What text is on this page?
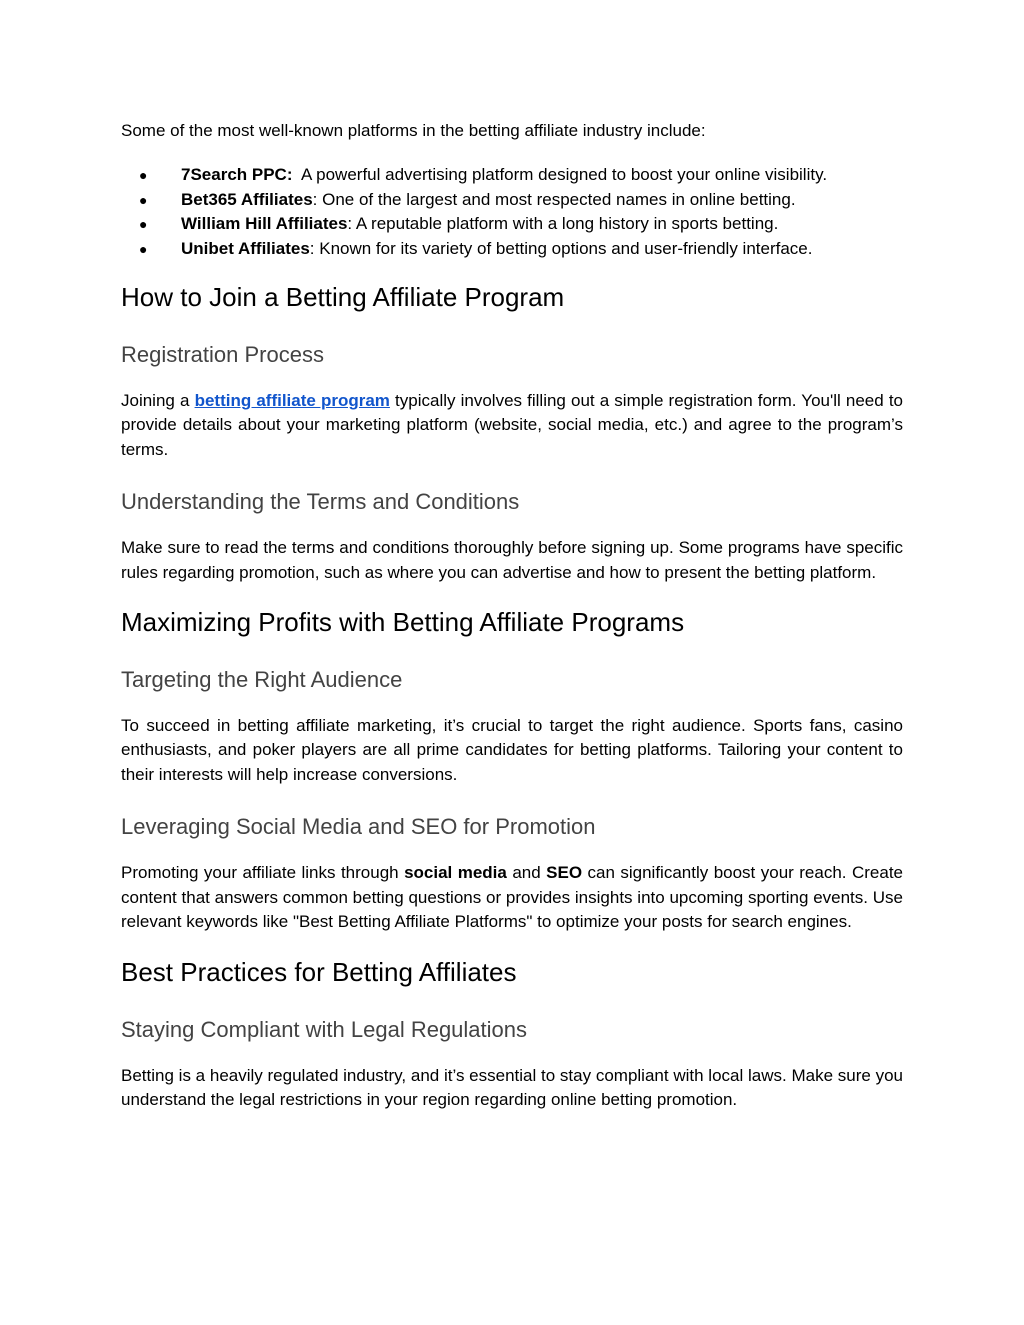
Some of the most well-known platforms in the betting affiliate industry include:

● 7Search PPC: A powerful advertising platform designed to boost your online visibility.
● Bet365 Affiliates: One of the largest and most respected names in online betting.
● William Hill Affiliates: A reputable platform with a long history in sports betting.
● Unibet Affiliates: Known for its variety of betting options and user-friendly interface.
How to Join a Betting Affiliate Program
Registration Process

Joining a betting affiliate program typically involves filling out a simple registration form. You'll need to provide details about your marketing platform (website, social media, etc.) and agree to the program’s terms.

Understanding the Terms and Conditions

Make sure to read the terms and conditions thoroughly before signing up. Some programs have specific rules regarding promotion, such as where you can advertise and how to present the betting platform.

Maximizing Profits with Betting Affiliate Programs
Targeting the Right Audience

To succeed in betting affiliate marketing, it’s crucial to target the right audience. Sports fans, casino enthusiasts, and poker players are all prime candidates for betting platforms. Tailoring your content to their interests will help increase conversions.

Leveraging Social Media and SEO for Promotion

Promoting your affiliate links through social media and SEO can significantly boost your reach. Create content that answers common betting questions or provides insights into upcoming sporting events. Use relevant keywords like "Best Betting Affiliate Platforms" to optimize your posts for search engines.

Best Practices for Betting Affiliates
Staying Compliant with Legal Regulations

Betting is a heavily regulated industry, and it’s essential to stay compliant with local laws. Make sure you understand the legal restrictions in your region regarding online betting promotion.
